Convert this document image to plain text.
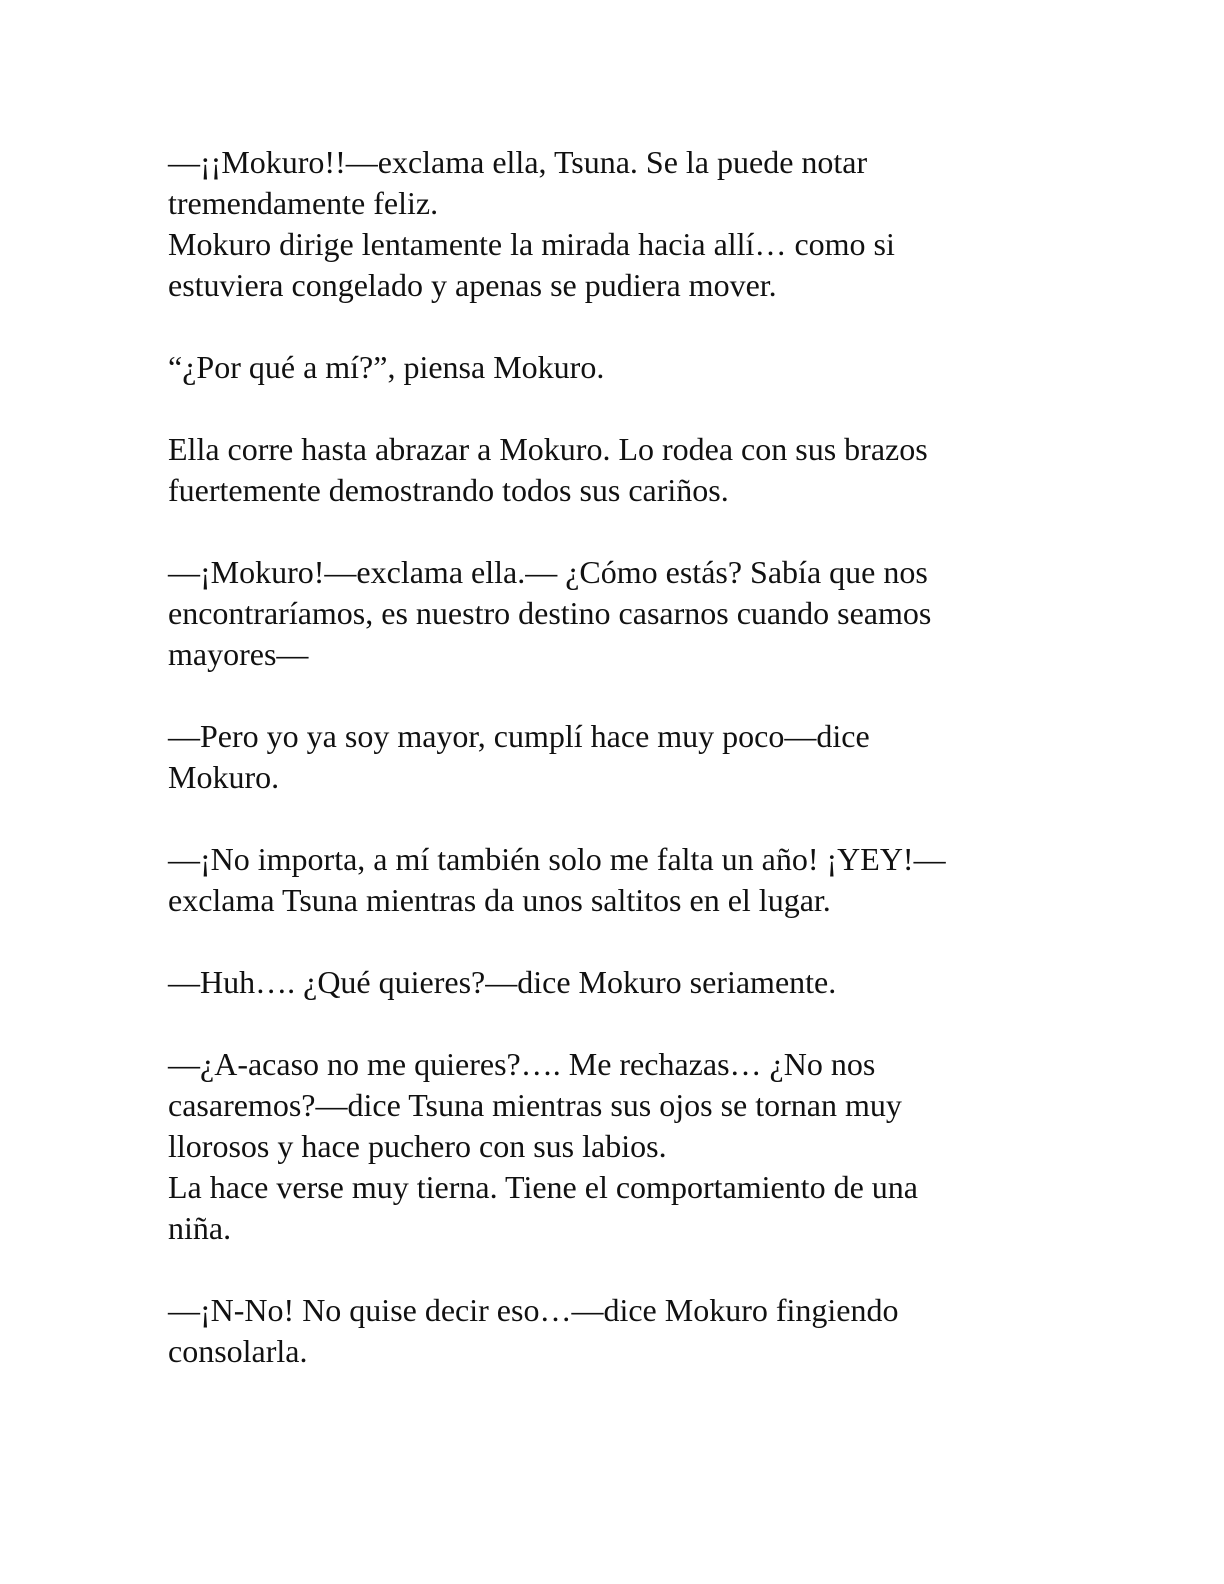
—¡¡Mokuro!!—exclama ella, Tsuna. Se la puede notar
tremendamente feliz.
Mokuro dirige lentamente la mirada hacia allí… como si
estuviera congelado y apenas se pudiera mover.

“¿Por qué a mí?”, piensa Mokuro.

Ella corre hasta abrazar a Mokuro. Lo rodea con sus brazos
fuertemente demostrando todos sus cariños.

—¡Mokuro!—exclama ella.— ¿Cómo estás? Sabía que nos
encontraríamos, es nuestro destino casarnos cuando seamos
mayores—

—Pero yo ya soy mayor, cumplí hace muy poco—dice
Mokuro.

—¡No importa, a mí también solo me falta un año! ¡YEY!—
exclama Tsuna mientras da unos saltitos en el lugar.

—Huh…. ¿Qué quieres?—dice Mokuro seriamente.

—¿A-acaso no me quieres?…. Me rechazas… ¿No nos
casaremos?—dice Tsuna mientras sus ojos se tornan muy
llorosos y hace puchero con sus labios.
La hace verse muy tierna. Tiene el comportamiento de una
niña.

—¡N-No! No quise decir eso…—dice Mokuro fingiendo
consolarla.
